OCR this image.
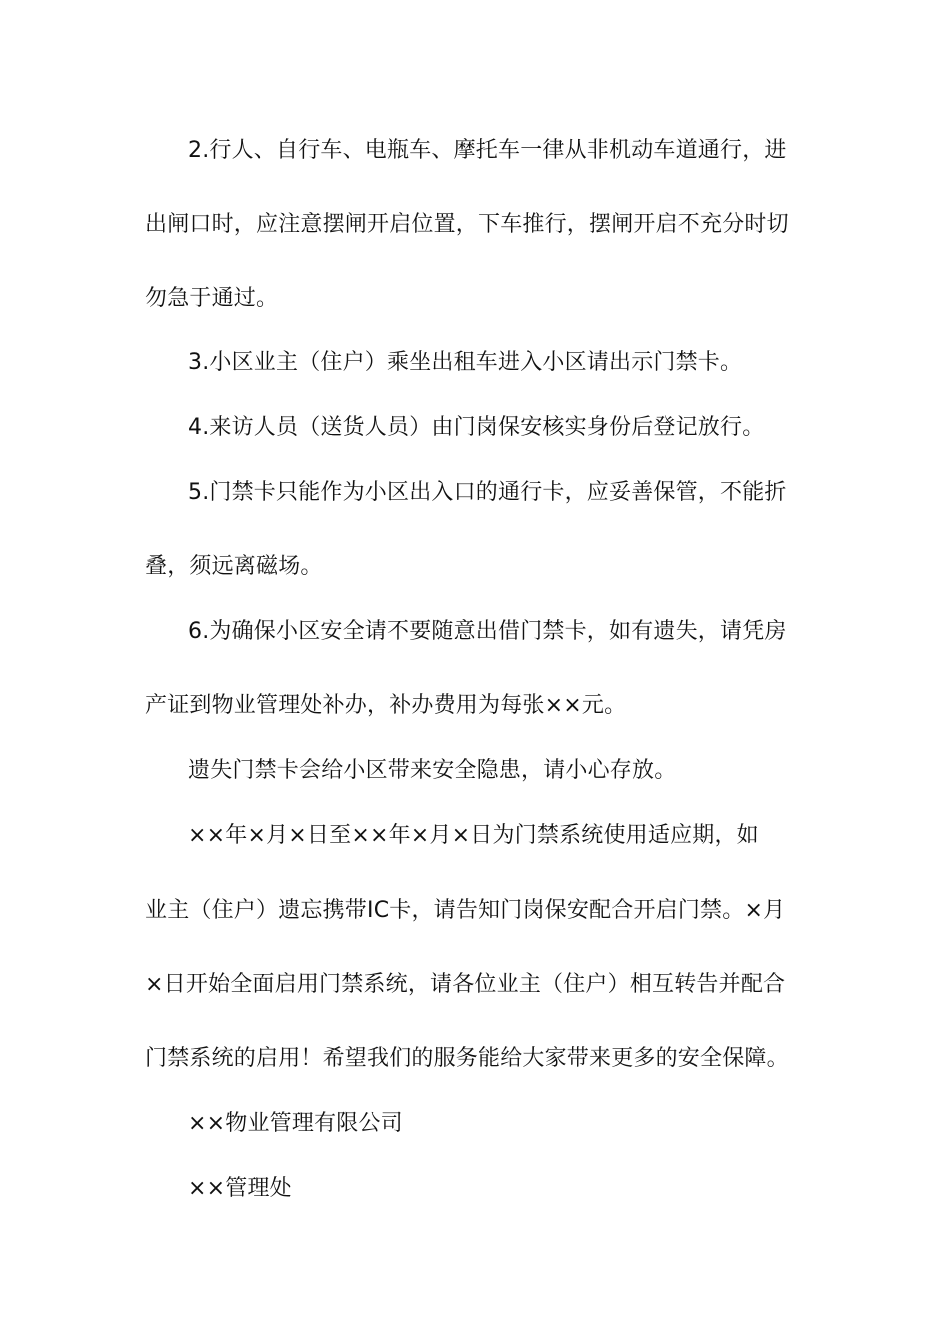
2.行人、自行车、电瓶车、摩托车一律从非机动车道通行，进
出闸口时，应注意摆闸开启位置，下车推行，摆闸开启不充分时切
勿急于通过。
3.小区业主（住户）乘坐出租车进入小区请出示门禁卡。
4.来访人员（送货人员）由门岗保安核实身份后登记放行。
5.门禁卡只能作为小区出入口的通行卡，应妥善保管，不能折
叠，须远离磁场。
6.为确保小区安全请不要随意出借门禁卡，如有遗失，请凭房
产证到物业管理处补办，补办费用为每张××元。
遗失门禁卡会给小区带来安全隐患，请小心存放。
××年×月×日至××年×月×日为门禁系统使用适应期，如
业主（住户）遗忘携带IC卡，请告知门岗保安配合开启门禁。×月
×日开始全面启用门禁系统，请各位业主（住户）相互转告并配合
门禁系统的启用！希望我们的服务能给大家带来更多的安全保障。
××物业管理有限公司
××管理处
